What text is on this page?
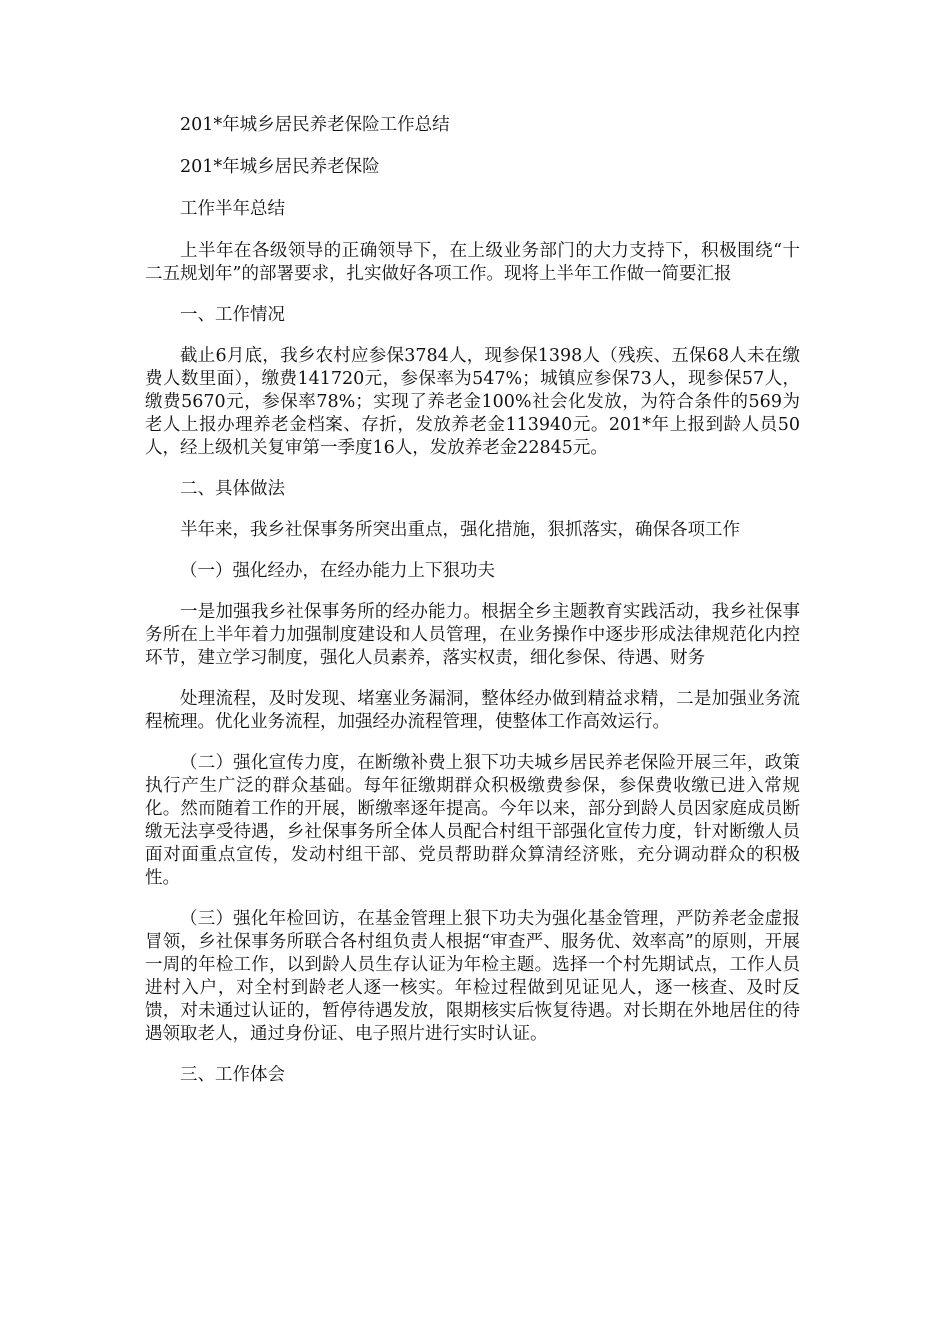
201*年城乡居民养老保险工作总结

201*年城乡居民养老保险

工作半年总结

上半年在各级领导的正确领导下，在上级业务部门的大力支持下，积极围绕“十二五规划年”的部署要求，扎实做好各项工作。现将上半年工作做一简要汇报

一、工作情况

截止6月底，我乡农村应参保3784人，现参保1398人（残疾、五保68人未在缴费人数里面），缴费141720元，参保率为547%；城镇应参保73人，现参保57人，缴费5670元，参保率78%；实现了养老金100%社会化发放，为符合条件的569为老人上报办理养老金档案、存折，发放养老金113940元。201*年上报到龄人员50人，经上级机关复审第一季度16人，发放养老金22845元。

二、具体做法

半年来，我乡社保事务所突出重点，强化措施，狠抓落实，确保各项工作

（一）强化经办，在经办能力上下狠功夫

一是加强我乡社保事务所的经办能力。根据全乡主题教育实践活动，我乡社保事务所在上半年着力加强制度建设和人员管理，在业务操作中逐步形成法律规范化内控环节，建立学习制度，强化人员素养，落实权责，细化参保、待遇、财务

处理流程，及时发现、堵塞业务漏洞，整体经办做到精益求精，二是加强业务流程梳理。优化业务流程，加强经办流程管理，使整体工作高效运行。

（二）强化宣传力度，在断缴补费上狠下功夫城乡居民养老保险开展三年，政策执行产生广泛的群众基础。每年征缴期群众积极缴费参保，参保费收缴已进入常规化。然而随着工作的开展，断缴率逐年提高。今年以来，部分到龄人员因家庭成员断缴无法享受待遇，乡社保事务所全体人员配合村组干部强化宣传力度，针对断缴人员面对面重点宣传，发动村组干部、党员帮助群众算清经济账，充分调动群众的积极性。

（三）强化年检回访，在基金管理上狠下功夫为强化基金管理，严防养老金虚报冒领，乡社保事务所联合各村组负责人根据“审查严、服务优、效率高”的原则，开展一周的年检工作，以到龄人员生存认证为年检主题。选择一个村先期试点，工作人员进村入户，对全村到龄老人逐一核实。年检过程做到见证见人，逐一核查、及时反馈，对未通过认证的，暂停待遇发放，限期核实后恢复待遇。对长期在外地居住的待遇领取老人，通过身份证、电子照片进行实时认证。

三、工作体会
